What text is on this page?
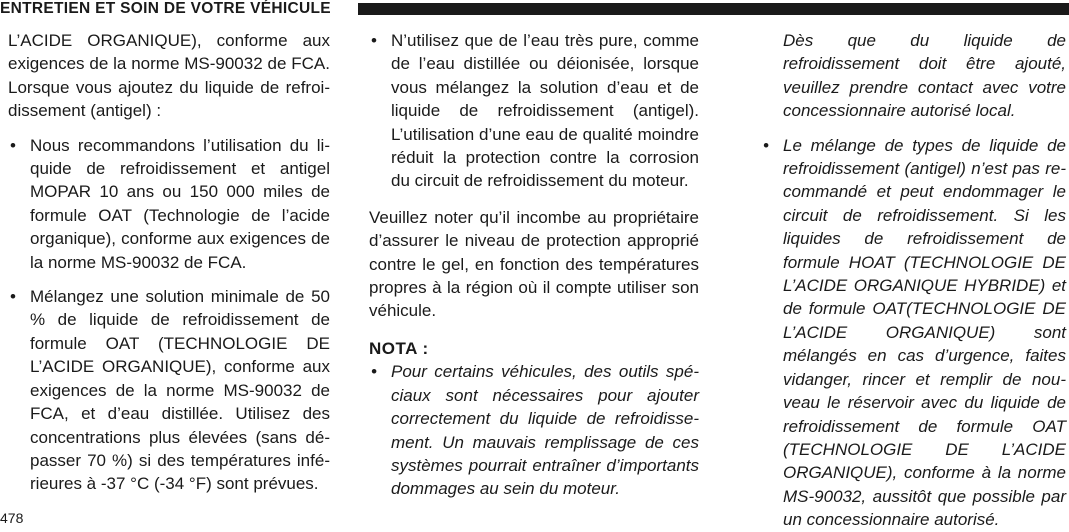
ENTRETIEN ET SOIN DE VOTRE VÉHICULE

L’ACIDE ORGANIQUE), conforme aux exigences de la norme MS-90032 de FCA. Lorsque vous ajoutez du liquide de refroidissement (antigel) :

• Nous recommandons l’utilisation du liquide de refroidissement et antigel MOPAR 10 ans ou 150 000 miles de formule OAT (Technologie de l’acide organique), conforme aux exigences de la norme MS-90032 de FCA.

• Mélangez une solution minimale de 50 % de liquide de refroidissement de formule OAT (TECHNOLOGIE DE L’ACIDE ORGANIQUE), conforme aux exigences de la norme MS-90032 de FCA, et d’eau distillée. Utilisez des concentrations plus élevées (sans dépasser 70 %) si des températures inférieures à -37 °C (-34 °F) sont prévues.

• N’utilisez que de l’eau très pure, comme de l’eau distillée ou déionisée, lorsque vous mélangez la solution d’eau et de liquide de refroidissement (antigel). L’utilisation d’une eau de qualité moindre réduit la protection contre la corrosion du circuit de refroidissement du moteur.

Veuillez noter qu’il incombe au propriétaire d’assurer le niveau de protection approprié contre le gel, en fonction des températures propres à la région où il compte utiliser son véhicule.

NOTA :

• Pour certains véhicules, des outils spéciaux sont nécessaires pour ajouter correctement du liquide de refroidissement. Un mauvais remplissage de ces systèmes pourrait entraîner d’importants dommages au sein du moteur.

Dès que du liquide de refroidissement doit être ajouté, veuillez prendre contact avec votre concessionnaire autorisé local.

• Le mélange de types de liquide de refroidissement (antigel) n’est pas recommandé et peut endommager le circuit de refroidissement. Si les liquides de refroidissement de formule HOAT (TECHNOLOGIE DE L’ACIDE ORGANIQUE HYBRIDE) et de formule OAT(TECHNOLOGIE DE L’ACIDE ORGANIQUE) sont mélangés en cas d’urgence, faites vidanger, rincer et remplir de nouveau le réservoir avec du liquide de refroidissement de formule OAT (TECHNOLOGIE DE L’ACIDE ORGANIQUE), conforme à la norme MS-90032, aussitôt que possible par un concessionnaire autorisé.

478
